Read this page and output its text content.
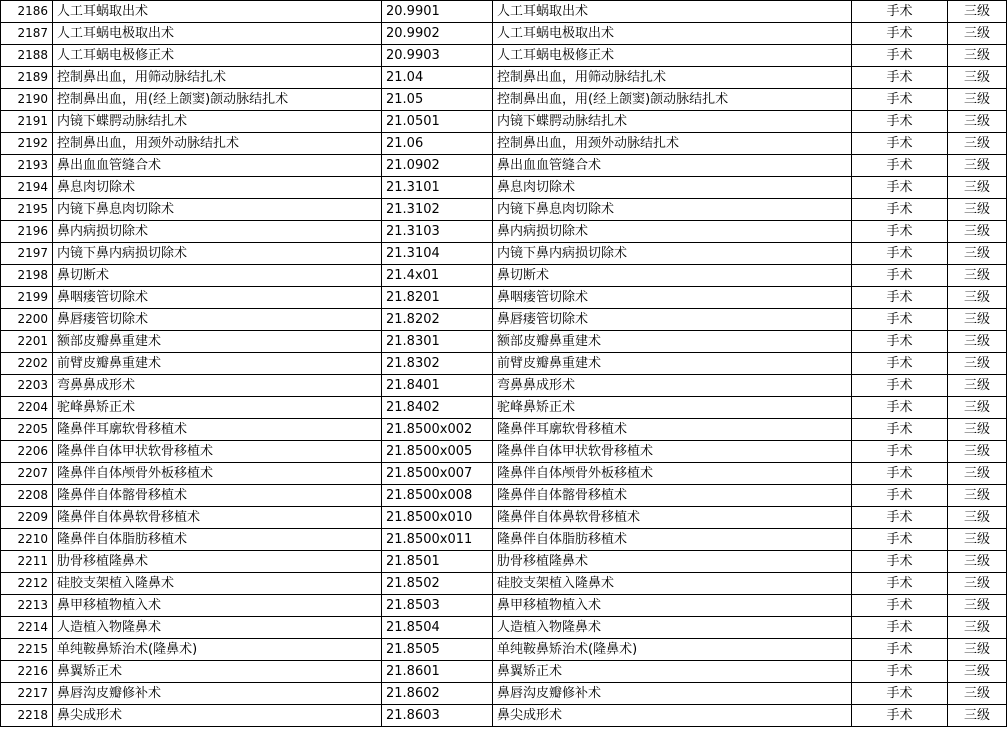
2186	人工耳蜗取出术	20.9901	人工耳蜗取出术	手术	三级
2187	人工耳蜗电极取出术	20.9902	人工耳蜗电极取出术	手术	三级
2188	人工耳蜗电极修正术	20.9903	人工耳蜗电极修正术	手术	三级
2189	控制鼻出血，用筛动脉结扎术	21.04	控制鼻出血，用筛动脉结扎术	手术	三级
2190	控制鼻出血，用(经上颌窦)颌动脉结扎术	21.05	控制鼻出血，用(经上颌窦)颌动脉结扎术	手术	三级
2191	内镜下蝶腭动脉结扎术	21.0501	内镜下蝶腭动脉结扎术	手术	三级
2192	控制鼻出血，用颈外动脉结扎术	21.06	控制鼻出血，用颈外动脉结扎术	手术	三级
2193	鼻出血血管缝合术	21.0902	鼻出血血管缝合术	手术	三级
2194	鼻息肉切除术	21.3101	鼻息肉切除术	手术	三级
2195	内镜下鼻息肉切除术	21.3102	内镜下鼻息肉切除术	手术	三级
2196	鼻内病损切除术	21.3103	鼻内病损切除术	手术	三级
2197	内镜下鼻内病损切除术	21.3104	内镜下鼻内病损切除术	手术	三级
2198	鼻切断术	21.4x01	鼻切断术	手术	三级
2199	鼻咽瘘管切除术	21.8201	鼻咽瘘管切除术	手术	三级
2200	鼻唇瘘管切除术	21.8202	鼻唇瘘管切除术	手术	三级
2201	额部皮瓣鼻重建术	21.8301	额部皮瓣鼻重建术	手术	三级
2202	前臂皮瓣鼻重建术	21.8302	前臂皮瓣鼻重建术	手术	三级
2203	弯鼻鼻成形术	21.8401	弯鼻鼻成形术	手术	三级
2204	驼峰鼻矫正术	21.8402	驼峰鼻矫正术	手术	三级
2205	隆鼻伴耳廓软骨移植术	21.8500x002	隆鼻伴耳廓软骨移植术	手术	三级
2206	隆鼻伴自体甲状软骨移植术	21.8500x005	隆鼻伴自体甲状软骨移植术	手术	三级
2207	隆鼻伴自体颅骨外板移植术	21.8500x007	隆鼻伴自体颅骨外板移植术	手术	三级
2208	隆鼻伴自体髂骨移植术	21.8500x008	隆鼻伴自体髂骨移植术	手术	三级
2209	隆鼻伴自体鼻软骨移植术	21.8500x010	隆鼻伴自体鼻软骨移植术	手术	三级
2210	隆鼻伴自体脂肪移植术	21.8500x011	隆鼻伴自体脂肪移植术	手术	三级
2211	肋骨移植隆鼻术	21.8501	肋骨移植隆鼻术	手术	三级
2212	硅胶支架植入隆鼻术	21.8502	硅胶支架植入隆鼻术	手术	三级
2213	鼻甲移植物植入术	21.8503	鼻甲移植物植入术	手术	三级
2214	人造植入物隆鼻术	21.8504	人造植入物隆鼻术	手术	三级
2215	单纯鞍鼻矫治术(隆鼻术)	21.8505	单纯鞍鼻矫治术(隆鼻术)	手术	三级
2216	鼻翼矫正术	21.8601	鼻翼矫正术	手术	三级
2217	鼻唇沟皮瓣修补术	21.8602	鼻唇沟皮瓣修补术	手术	三级
2218	鼻尖成形术	21.8603	鼻尖成形术	手术	三级
